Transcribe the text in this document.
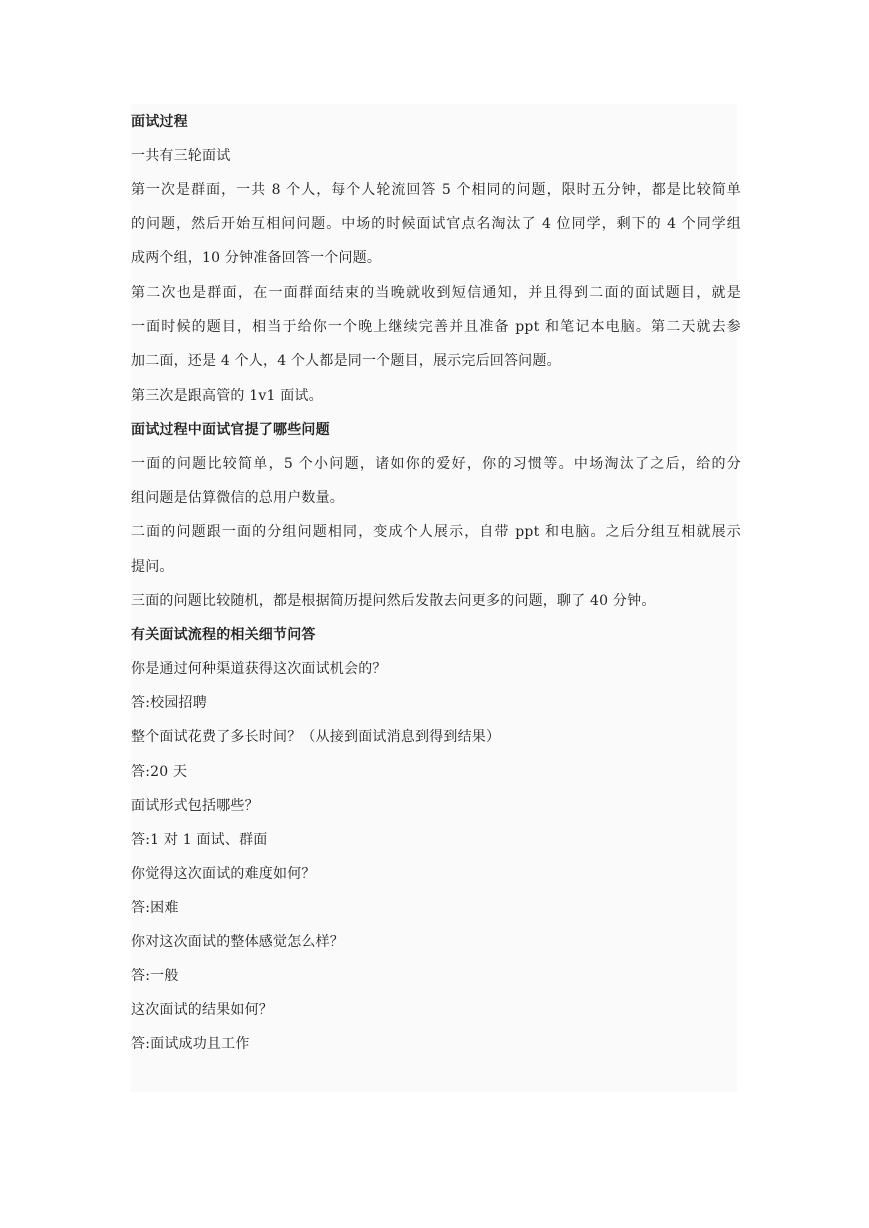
面试过程
一共有三轮面试
第一次是群面，一共 8 个人，每个人轮流回答 5 个相同的问题，限时五分钟，都是比较简单
的问题，然后开始互相问问题。中场的时候面试官点名淘汰了 4 位同学，剩下的 4 个同学组
成两个组，10 分钟准备回答一个问题。
第二次也是群面，在一面群面结束的当晚就收到短信通知，并且得到二面的面试题目，就是
一面时候的题目，相当于给你一个晚上继续完善并且准备 ppt 和笔记本电脑。第二天就去参
加二面，还是 4 个人，4 个人都是同一个题目，展示完后回答问题。
第三次是跟高管的 1v1 面试。
面试过程中面试官提了哪些问题
一面的问题比较简单，5 个小问题，诸如你的爱好，你的习惯等。中场淘汰了之后，给的分
组问题是估算微信的总用户数量。
二面的问题跟一面的分组问题相同，变成个人展示，自带 ppt 和电脑。之后分组互相就展示
提问。
三面的问题比较随机，都是根据简历提问然后发散去问更多的问题，聊了 40 分钟。
有关面试流程的相关细节问答
你是通过何种渠道获得这次面试机会的？
答:校园招聘
整个面试花费了多长时间？（从接到面试消息到得到结果）
答:20 天
面试形式包括哪些？
答:1 对 1 面试、群面
你觉得这次面试的难度如何？
答:困难
你对这次面试的整体感觉怎么样？
答:一般
这次面试的结果如何？
答:面试成功且工作
